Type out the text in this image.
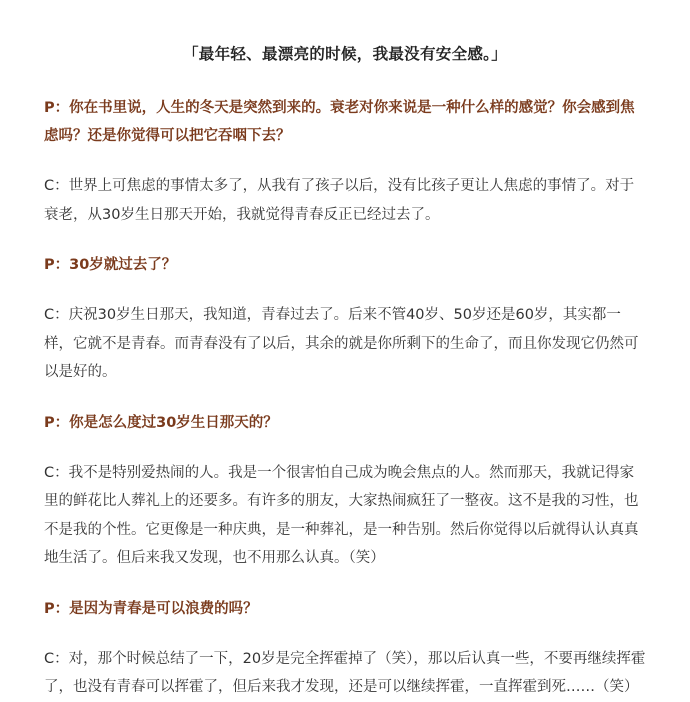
「最年轻、最漂亮的时候，我最没有安全感。」
P：你在书里说，人生的冬天是突然到来的。衰老对你来说是一种什么样的感觉？你会感到焦虑吗？还是你觉得可以把它吞咽下去？
C：世界上可焦虑的事情太多了，从我有了孩子以后，没有比孩子更让人焦虑的事情了。对于衰老，从30岁生日那天开始，我就觉得青春反正已经过去了。
P：30岁就过去了？
C：庆祝30岁生日那天，我知道，青春过去了。后来不管40岁、50岁还是60岁，其实都一样，它就不是青春。而青春没有了以后，其余的就是你所剩下的生命了，而且你发现它仍然可以是好的。
P：你是怎么度过30岁生日那天的？
C：我不是特别爱热闹的人。我是一个很害怕自己成为晚会焦点的人。然而那天，我就记得家里的鲜花比人葬礼上的还要多。有许多的朋友，大家热闹疯狂了一整夜。这不是我的习性，也不是我的个性。它更像是一种庆典，是一种葬礼，是一种告别。然后你觉得以后就得认认真真地生活了。但后来我又发现，也不用那么认真。（笑）
P：是因为青春是可以浪费的吗？
C：对，那个时候总结了一下，20岁是完全挥霍掉了（笑），那以后认真一些，不要再继续挥霍了，也没有青春可以挥霍了，但后来我才发现，还是可以继续挥霍，一直挥霍到死……（笑）
